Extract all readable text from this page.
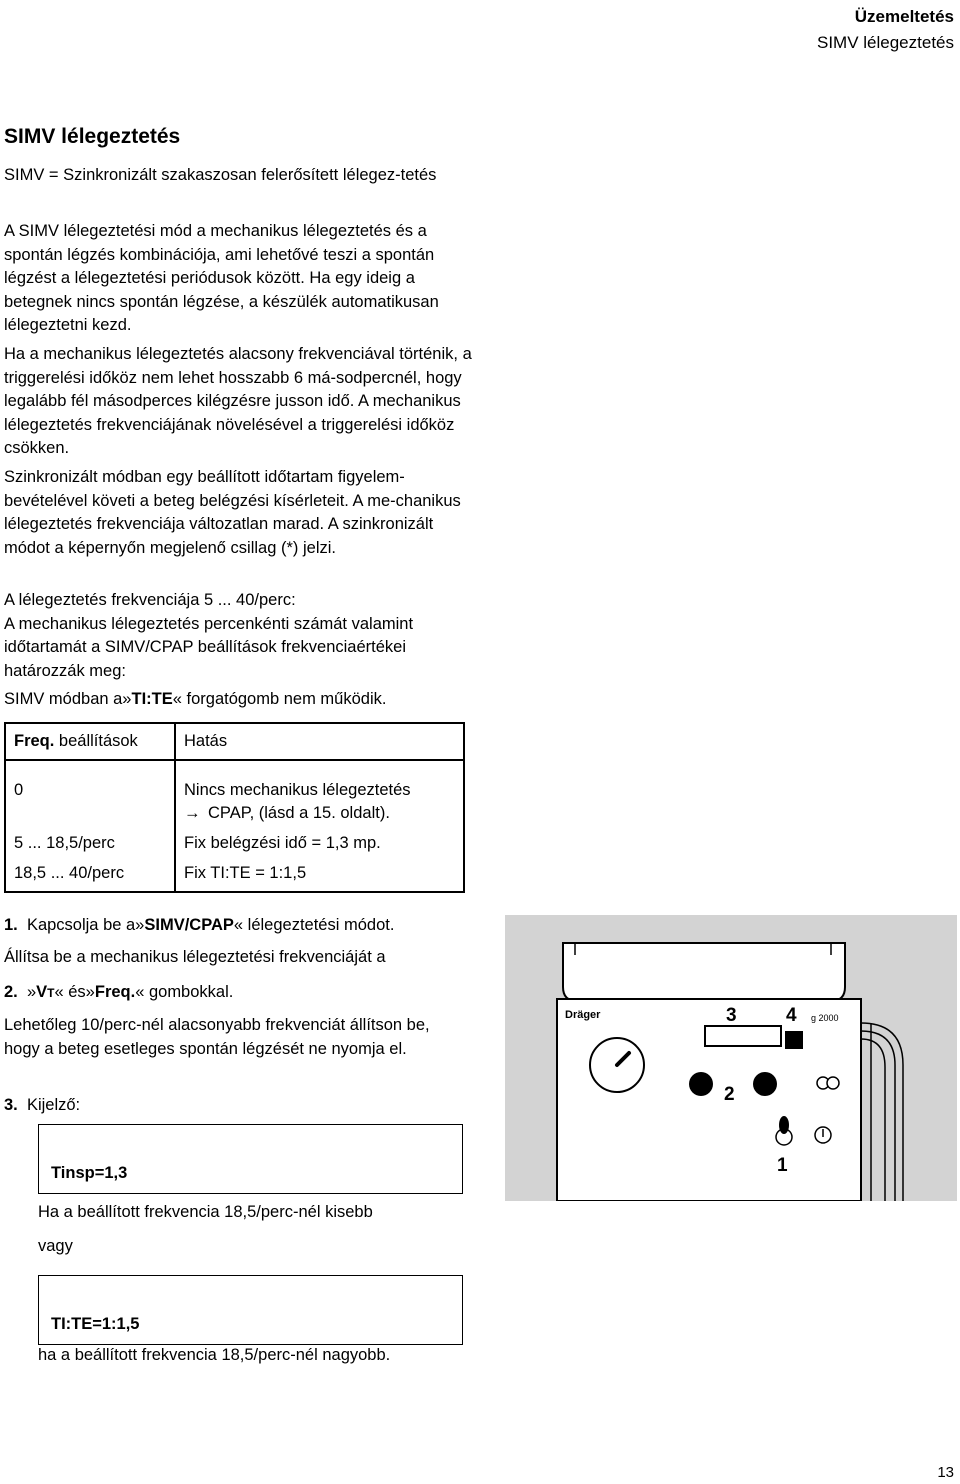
Üzemeltetés
SIMV lélegeztetés
SIMV lélegeztetés
SIMV = Szinkronizált szakaszosan felerősített lélegez-tetés
A SIMV lélegeztetési mód a mechanikus lélegeztetés és a spontán légzés kombinációja, ami lehetővé teszi a spontán légzést a lélegeztetési periódusok között. Ha egy ideig a betegnek nincs spontán légzése, a készülék automatikusan lélegeztetni kezd.
Ha a mechanikus lélegeztetés alacsony frekvenciával történik, a triggerelési időköz nem lehet hosszabb 6 má-sodpercnél, hogy legalább fél másodperces kilégzésre jusson idő. A mechanikus lélegeztetés frekvenciájának növelésével a triggerelési időköz csökken.
Szinkronizált módban egy beállított időtartam figyelem-bevételével követi a beteg belégzési kísérleteit. A me-chanikus lélegeztetés frekvenciája változatlan marad. A szinkronizált módot a képernyőn megjelenő csillag (*) jelzi.

A lélegeztetés frekvenciája 5 ... 40/perc:

A mechanikus lélegeztetés percenkénti számát valamint időtartamát a SIMV/CPAP beállítások frekvenciaértékei határozzák meg:

SIMV módban a»TI:TE« forgatógomb nem működik.
Freq. beállítások	Hatás
0	Nincs mechanikus lélegeztetés
→ CPAP, (lásd a 15. oldalt).

5 ... 18,5/perc	Fix belégzési idő = 1,3 mp.
18,5 ... 40/perc	Fix TI:TE = 1:1,5
1. Kapcsolja be a»SIMV/CPAP« lélegeztetési módot.
Állítsa be a mechanikus lélegeztetési frekvenciáját a
2. »VT« és»Freq.« gombokkal.
Lehetőleg 10/perc-nél alacsonyabb frekvenciát állítson be, hogy a beteg esetleges spontán légzését ne nyomja el.
3. Kijelző:
Tinsp=1,3
Ha a beállított frekvencia 18,5/perc-nél kisebb
vagy
TI:TE=1:1,5
ha a beállított frekvencia 18,5/perc-nél nagyobb.
Dräger	g 2000
3	4
2
1
13
